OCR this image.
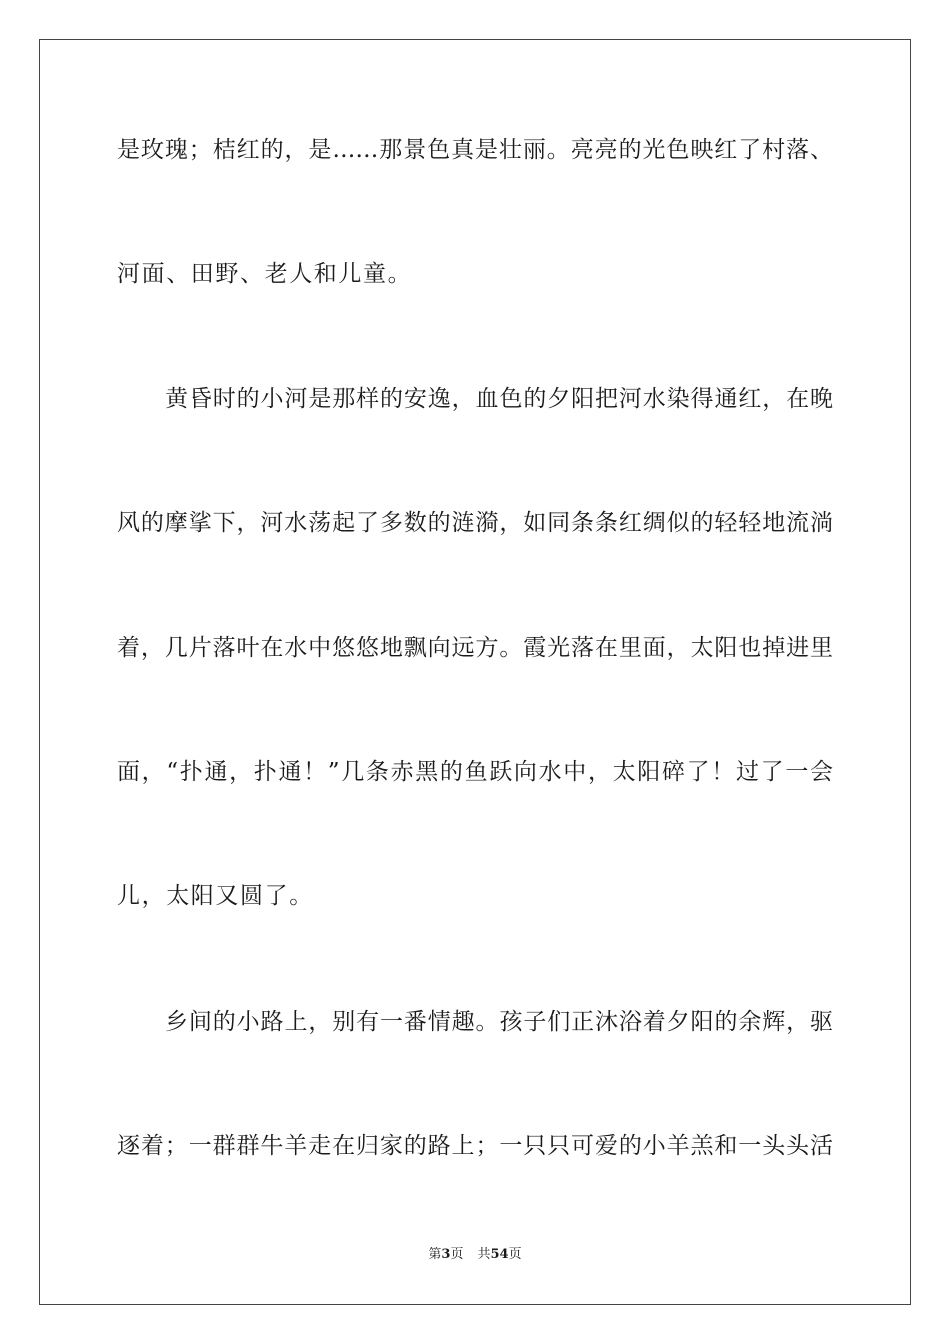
是玫瑰；桔红的，是……那景色真是壮丽。亮亮的光色映红了村落、
河面、田野、老人和儿童。
黄昏时的小河是那样的安逸，血色的夕阳把河水染得通红，在晚
风的摩挲下，河水荡起了多数的涟漪，如同条条红绸似的轻轻地流淌
着，几片落叶在水中悠悠地飘向远方。霞光落在里面，太阳也掉进里
面，“扑通，扑通！”几条赤黑的鱼跃向水中，太阳碎了！过了一会
儿，太阳又圆了。
乡间的小路上，别有一番情趣。孩子们正沐浴着夕阳的余辉，驱
逐着；一群群牛羊走在归家的路上；一只只可爱的小羊羔和一头头活
第3页 共54页
